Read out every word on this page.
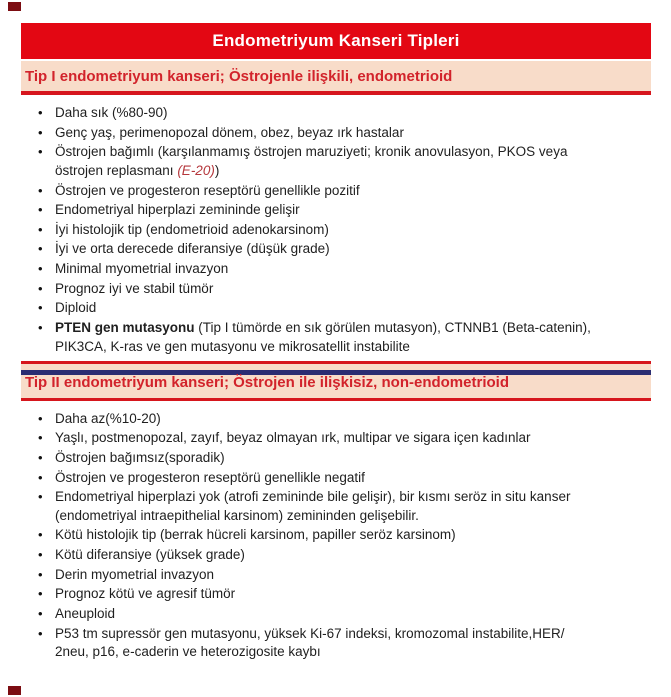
Endometriyum Kanseri Tipleri
Tip I endometriyum kanseri; Östrojenle ilişkili, endometrioid
• Daha sık (%80-90)
• Genç yaş, perimenopozal dönem, obez, beyaz ırk hastalar
• Östrojen bağımlı (karşılanmamış östrojen maruziyeti; kronik anovulasyon, PKOS veya
östrojen replasmanı (E-20))
• Östrojen ve progesteron reseptörü genellikle pozitif
• Endometriyal hiperplazi zemininde gelişir
• İyi histolojik tip (endometrioid adenokarsinom)
• İyi ve orta derecede diferansiye (düşük grade)
• Minimal myometrial invazyon
• Prognoz iyi ve stabil tümör
• Diploid
• PTEN gen mutasyonu (Tip I tümörde en sık görülen mutasyon), CTNNB1 (Beta-catenin),
PIK3CA, K-ras ve gen mutasyonu ve mikrosatellit instabilite
Tip II endometriyum kanseri; Östrojen ile ilişkisiz, non-endometrioid
• Daha az(%10-20)
• Yaşlı, postmenopozal, zayıf, beyaz olmayan ırk, multipar ve sigara içen kadınlar
• Östrojen bağımsız(sporadik)
• Östrojen ve progesteron reseptörü genellikle negatif
• Endometriyal hiperplazi yok (atrofi zemininde bile gelişir), bir kısmı seröz in situ kanser
(endometriyal intraepithelial karsinom) zemininden gelişebilir.
• Kötü histolojik tip (berrak hücreli karsinom, papiller seröz karsinom)
• Kötü diferansiye (yüksek grade)
• Derin myometrial invazyon
• Prognoz kötü ve agresif tümör
• Aneuploid
• P53 tm supressör gen mutasyonu, yüksek Ki-67 indeksi, kromozomal instabilite,HER/
2neu, p16, e-caderin ve heterozigosite kaybı
